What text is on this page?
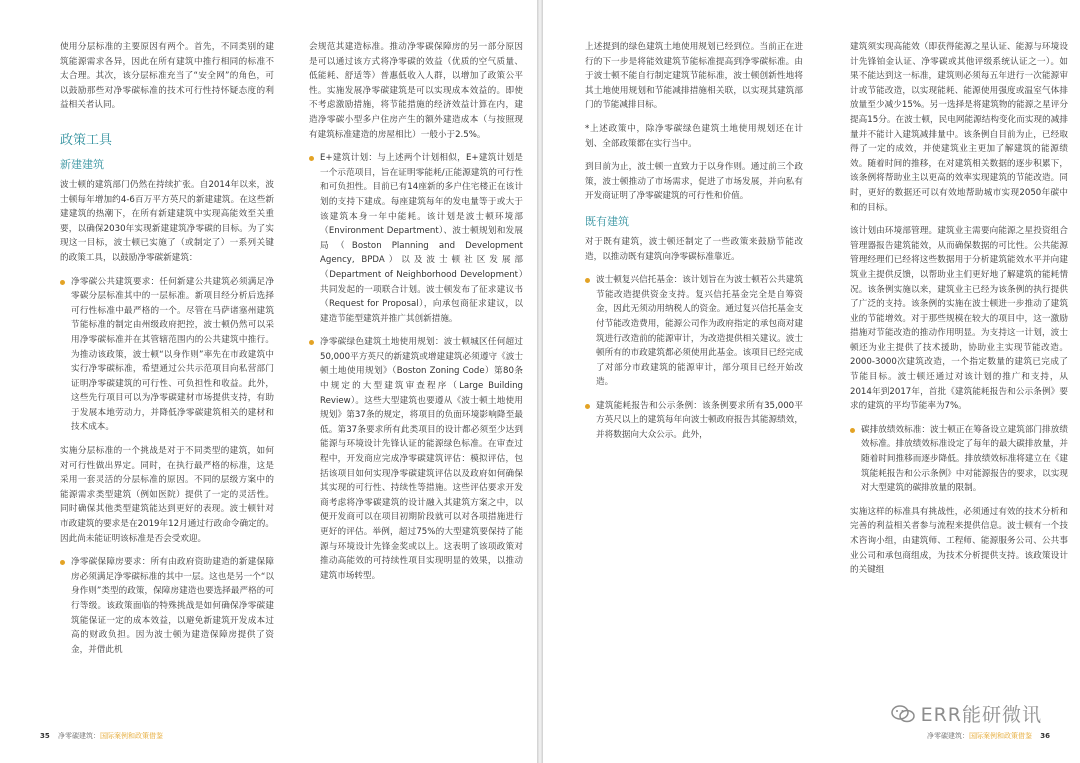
使用分层标准的主要原因有两个。首先，不同类别的建筑能源需求各异，因此在所有建筑中推行相同的标准不太合理。其次，该分层标准充当了“安全网”的角色，可以鼓励那些对净零碳标准的技术可行性持怀疑态度的利益相关者认同。

政策工具
新建建筑

波士顿的建筑部门仍然在持续扩张。自2014年以来，波士顿每年增加约4-6百万平方英尺的新建建筑。在这些新建建筑的热潮下，在所有新建建筑中实现高能效至关重要，以确保2030年实现新建建筑净零碳的目标。为了实现这一目标，波士顿已实施了（或制定了）一系列关键的政策工具，以鼓励净零碳新建筑：

净零碳公共建筑要求：任何新建公共建筑必须满足净零碳分层标准其中的一层标准。新项目经分析后选择可行性标准中最严格的一个。尽管在马萨诸塞州建筑节能标准的制定由州级政府把控，波士顿仍然可以采用净零碳标准并在其管辖范围内的公共建筑中推行。为推动该政策，波士顿“以身作则”率先在市政建筑中实行净零碳标准，希望通过公共示范项目向私营部门证明净零碳建筑的可行性、可负担性和收益。此外，这些先行项目可以为净零碳建材市场提供支持，有助于发展本地劳动力，并降低净零碳建筑相关的建材和技术成本。

实施分层标准的一个挑战是对于不同类型的建筑，如何对可行性做出界定。同时，在执行最严格的标准，这是采用一套灵活的分层标准的原因。不同的层级方案中的能源需求类型建筑（例如医院）提供了一定的灵活性。同时确保其他类型建筑能达到更好的表现。波士顿针对市政建筑的要求是在2019年12月通过行政命令确定的。因此尚未能证明该标准是否会受欢迎。

净零碳保障房要求：所有由政府资助建造的新建保障房必须满足净零碳标准的其中一层。这也是另一个“以身作则”类型的政策，保障房建造也要选择最严格的可行等级。该政策面临的特殊挑战是如何确保净零碳建筑能保证一定的成本效益，以避免新建筑开发成本过高的财政负担。因为波士顿为建造保障房提供了资金，并借此机

会规范其建造标准。推动净零碳保障房的另一部分原因是可以通过该方式将净零碳的效益（优质的空气质量、低能耗、舒适等）普惠低收入人群，以增加了政策公平性。实施发展净零碳建筑是可以实现成本效益的。即使不考虑激励措施，将节能措施的经济效益计算在内，建造净零碳小型多户住房产生的额外建造成本（与按照现有建筑标准建造的房屋相比）一般小于2.5%。

E+建筑计划：与上述两个计划相似，E+建筑计划是一个示范项目，旨在证明零能耗/正能源建筑的可行性和可负担性。目前已有14座新的多户住宅楼正在该计划的支持下建成。每座建筑每年的发电量等于或大于该建筑本身一年中能耗。该计划是波士顿环境部（Environment Department）、波士顿规划和发展局（Boston Planning and Development Agency, BPDA）以及波士顿社区发展部（Department of Neighborhood Development）共同发起的一项联合计划。波士顿发布了征求建议书（Request for Proposal），向承包商征求建议，以建造节能型建筑并推广其创新措施。

净零碳绿色建筑土地使用规划：波士顿城区任何超过50,000平方英尺的新建筑或增建建筑必须遵守《波士顿土地使用规划》（Boston Zoning Code）第80条中规定的大型建筑审查程序（Large Building Review）。这些大型建筑也要遵从《波士顿土地使用规划》第37条的规定，将项目的负面环境影响降至最低。第37条要求所有此类项目的设计都必须至少达到能源与环境设计先锋认证的能源绿色标准。在审查过程中，开发商应完成净零碳建筑评估：模拟评估，包括该项目如何实现净零碳建筑评估以及政府如何确保其实现的可行性、持续性等措施。这些评估要求开发商考虑将净零碳建筑的设计融入其建筑方案之中，以便开发商可以在项目初期阶段就可以对各项措施进行更好的评估。举例，超过75%的大型建筑要保持了能源与环境设计先锋金奖或以上。这表明了该项政策对推动高能效的可持续性项目实现明显的效果，以推动建筑市场转型。

35 净零碳建筑：国际案例和政策借鉴

上述提到的绿色建筑土地使用规划已经到位。当前正在进行的下一步是将能效建筑节能标准提高到净零碳标准。由于波士顿不能自行制定建筑节能标准，波士顿创新性地将其土地使用规划和节能减排措施相关联，以实现其建筑部门的节能减排目标。

*上述政策中，除净零碳绿色建筑土地使用规划还在计划、全部政策都在实行当中。

到目前为止，波士顿一直致力于以身作则。通过前三个政策，波士顿推动了市场需求，促进了市场发展，并向私有开发商证明了净零碳建筑的可行性和价值。

既有建筑

对于既有建筑，波士顿还制定了一些政策来鼓励节能改造，以推动既有建筑向净零碳标准靠近。

波士顿复兴信托基金：该计划旨在为波士顿若公共建筑节能改造提供资金支持。复兴信托基金完全是自筹资金，因此无须动用纳税人的资金。通过复兴信托基金支付节能改造费用，能源公司作为政府指定的承包商对建筑进行改造前的能源审计，为改造提供相关建议。波士顿所有的市政建筑都必须使用此基金。该项目已经完成了对部分市政建筑的能源审计，部分项目已经开始改造。

建筑能耗报告和公示条例：该条例要求所有35,000平方英尺以上的建筑每年向波士顿政府报告其能源绩效，并将数据向大众公示。此外，

建筑须实现高能效（即获得能源之星认证、能源与环境设计先锋铂金认证、净零碳或其他评级系统认证之一）。如果不能达到这一标准，建筑则必须每五年进行一次能源审计或节能改造，以实现能耗、能源使用强度或温室气体排放量至少减少15%。另一选择是将建筑物的能源之星评分提高15分。在波士顿，民电网能源结构变化而实现的减排量并不能计入建筑减排量中。该条例自目前为止，已经取得了一定的成效，并使建筑业主更加了解建筑的能源绩效。随着时间的推移，在对建筑相关数据的逐步积累下，该条例将帮助业主以更高的效率实现建筑的节能改造。同时，更好的数据还可以有效地帮助城市实现2050年碳中和的目标。

该计划由环境部管理。建筑业主需要向能源之星投资组合管理器报告建筑能效，从而确保数据的可比性。公共能源管理经理们已经将这些数据用于分析建筑能效水平并向建筑业主提供反馈，以帮助业主们更好地了解建筑的能耗情况。该条例实施以来，建筑业主已经为该条例的执行提供了广泛的支持。该条例的实施在波士顿进一步推动了建筑业的节能增效。对于那些规模在较大的项目中，这一激励措施对节能改造的推动作用明显。为支持这一计划，波士顿还为业主提供了技术援助，协助业主实现节能改造。2000-3000次建筑改造，一个指定数量的建筑已完成了节能目标。波士顿还通过对该计划的推广和支持，从2014年到2017年，首批《建筑能耗报告和公示条例》要求的建筑的平均节能率为7%。

碳排放绩效标准：波士顿正在筹备设立建筑部门排放绩效标准。排放绩效标准设定了每年的最大碳排放量，并随着时间推移而逐步降低。排放绩效标准将建立在《建筑能耗报告和公示条例》中对能源报告的要求，以实现对大型建筑的碳排放量的限制。

实施这样的标准具有挑战性，必须通过有效的技术分析和完善的利益相关者参与流程来提供信息。波士顿有一个技术咨询小组，由建筑师、工程师、能源服务公司、公共事业公司和承包商组成，为技术分析提供支持。该政策设计的关键组

净零碳建筑：国际案例和政策借鉴 36
ERR能研微讯
